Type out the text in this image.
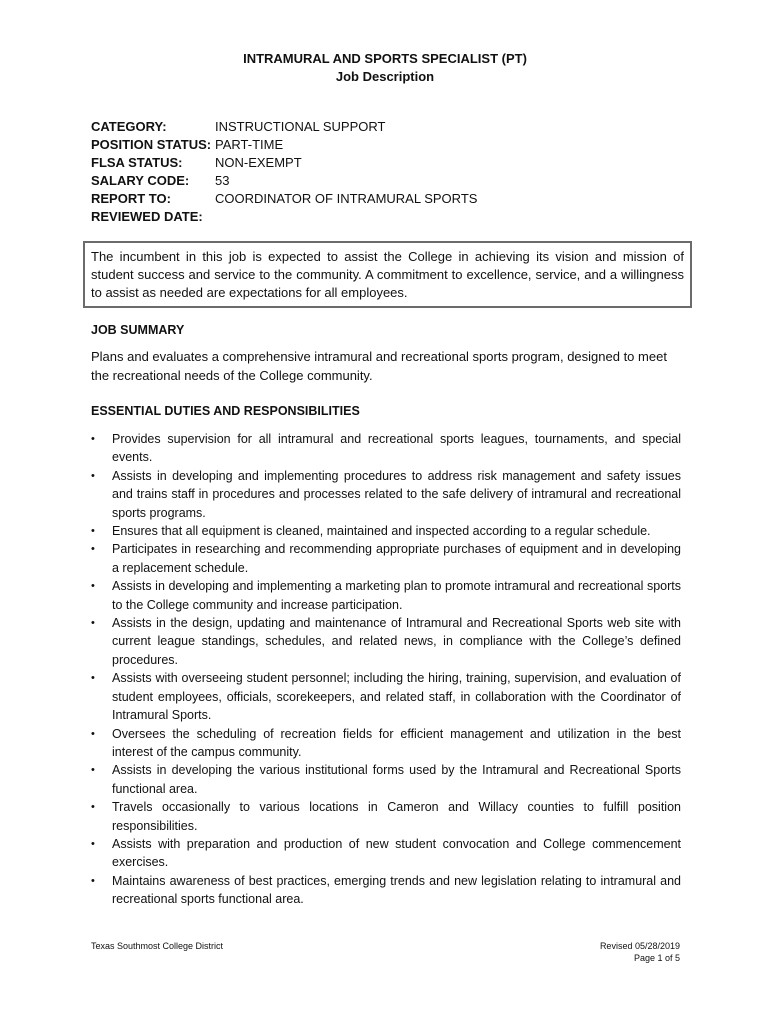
INTRAMURAL AND SPORTS SPECIALIST (PT)
Job Description
CATEGORY:	INSTRUCTIONAL SUPPORT
POSITION STATUS: PART-TIME
FLSA STATUS:	NON-EXEMPT
SALARY CODE:	53
REPORT TO:	COORDINATOR OF INTRAMURAL SPORTS
REVIEWED DATE:
The incumbent in this job is expected to assist the College in achieving its vision and mission of student success and service to the community. A commitment to excellence, service, and a willingness to assist as needed are expectations for all employees.
JOB SUMMARY
Plans and evaluates a comprehensive intramural and recreational sports program, designed to meet the recreational needs of the College community.
ESSENTIAL DUTIES AND RESPONSIBILITIES
• Provides supervision for all intramural and recreational sports leagues, tournaments, and special events.
• Assists in developing and implementing procedures to address risk management and safety issues and trains staff in procedures and processes related to the safe delivery of intramural and recreational sports programs.
• Ensures that all equipment is cleaned, maintained and inspected according to a regular schedule.
• Participates in researching and recommending appropriate purchases of equipment and in developing a replacement schedule.
• Assists in developing and implementing a marketing plan to promote intramural and recreational sports to the College community and increase participation.
• Assists in the design, updating and maintenance of Intramural and Recreational Sports web site with current league standings, schedules, and related news, in compliance with the College’s defined procedures.
• Assists with overseeing student personnel; including the hiring, training, supervision, and evaluation of student employees, officials, scorekeepers, and related staff, in collaboration with the Coordinator of Intramural Sports.
• Oversees the scheduling of recreation fields for efficient management and utilization in the best interest of the campus community.
• Assists in developing the various institutional forms used by the Intramural and Recreational Sports functional area.
• Travels occasionally to various locations in Cameron and Willacy counties to fulfill position responsibilities.
• Assists with preparation and production of new student convocation and College commencement exercises.
• Maintains awareness of best practices, emerging trends and new legislation relating to intramural and recreational sports functional area.
Texas Southmost College District	Revised 05/28/2019
Page 1 of 5
